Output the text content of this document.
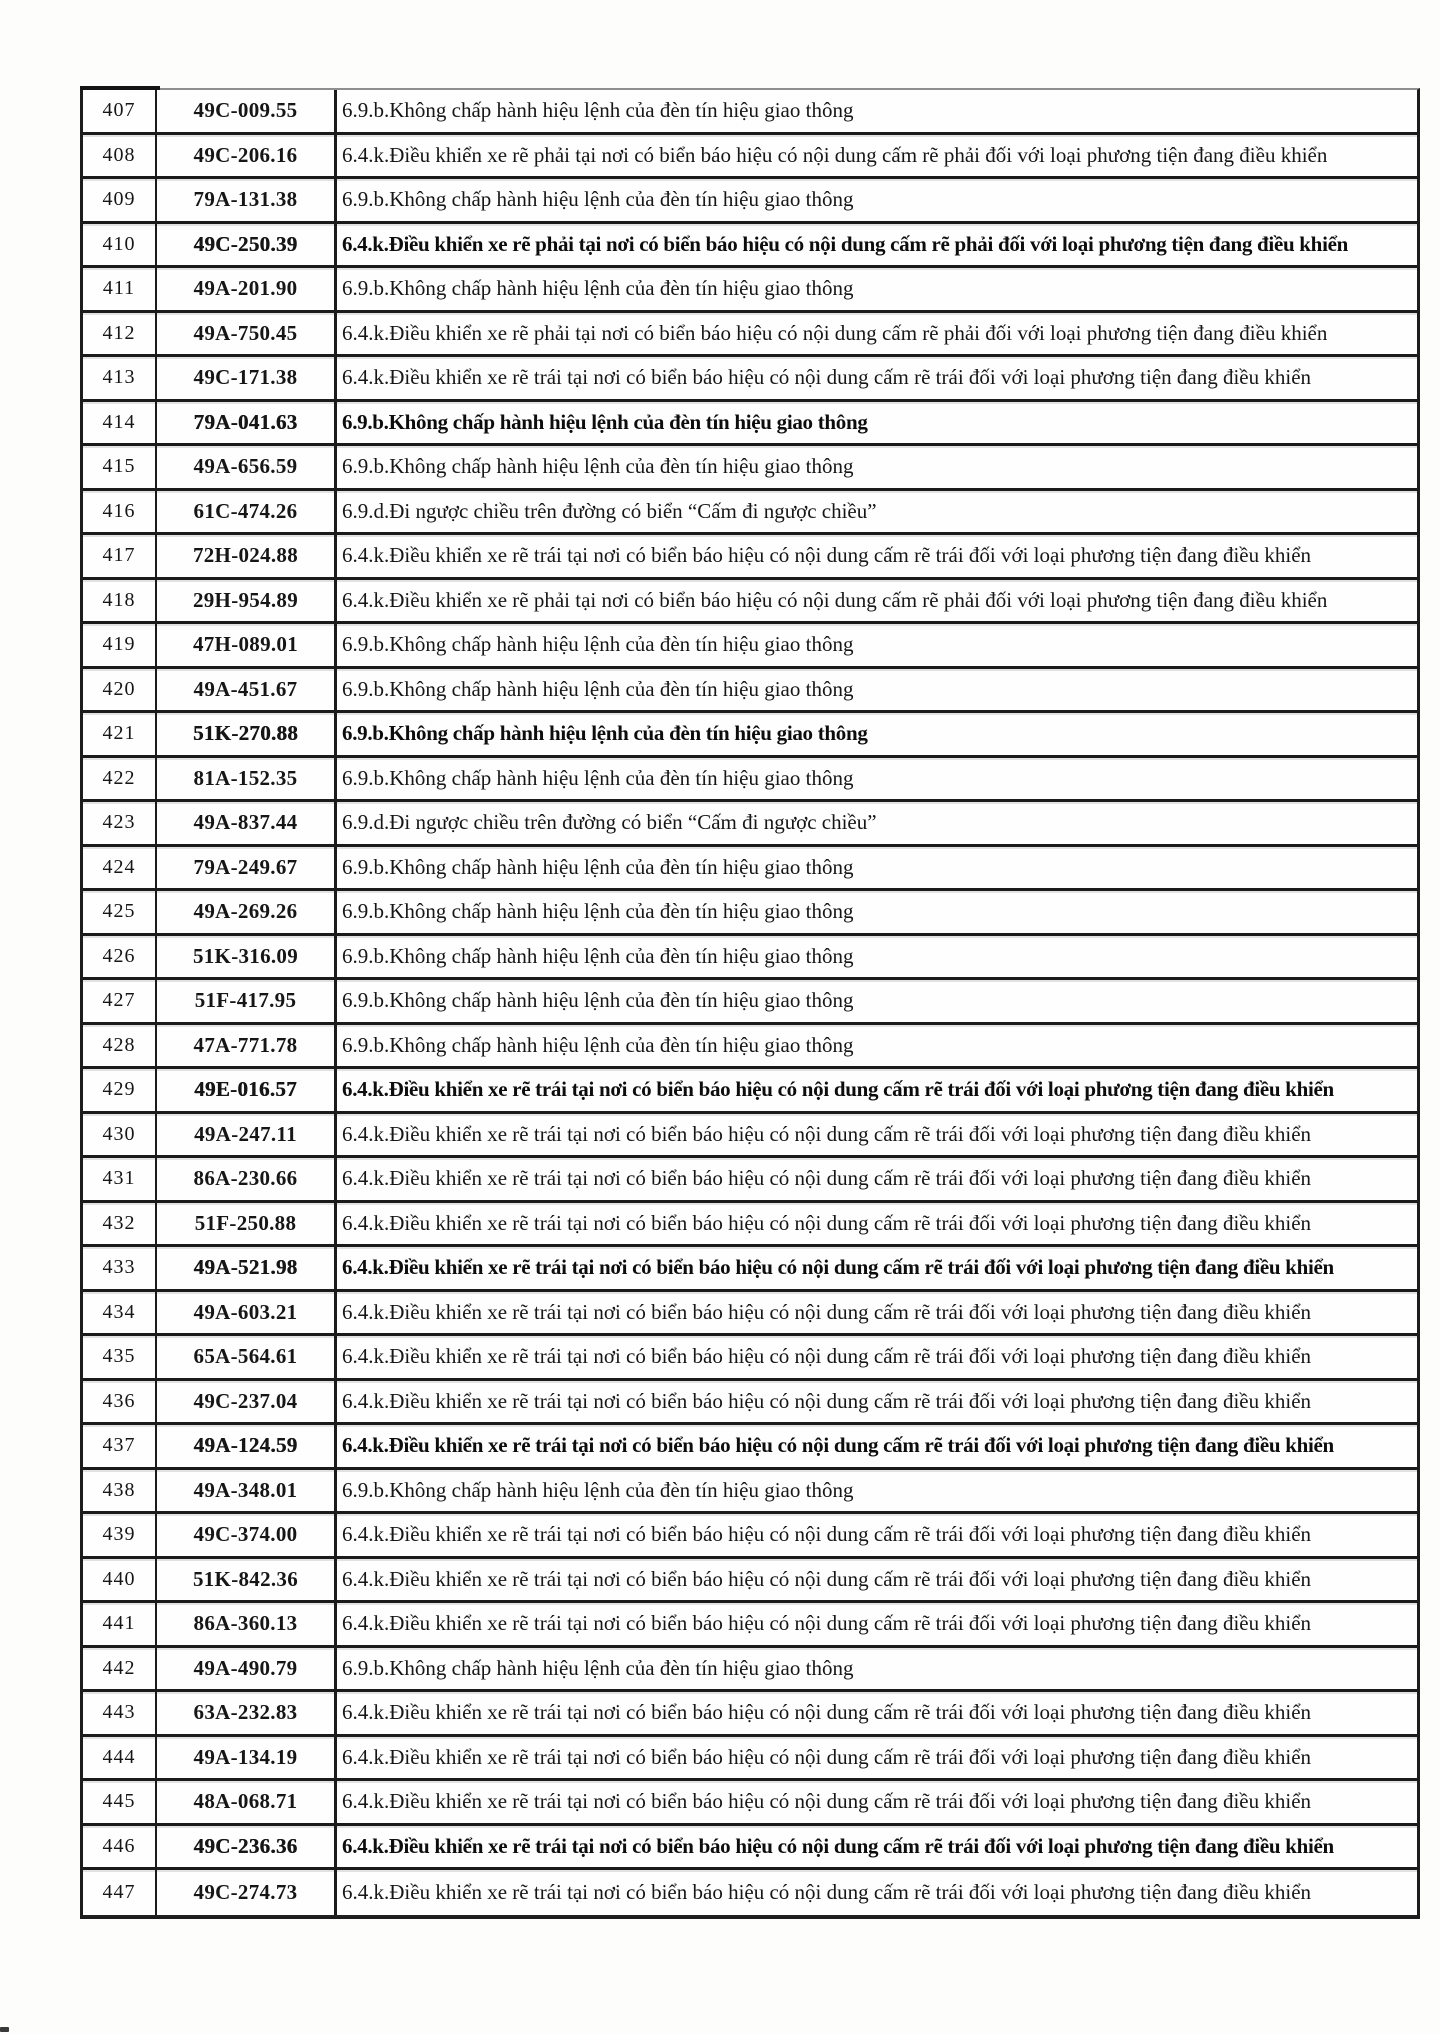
407	49C-009.55 6.9.b.Không chấp hành hiệu lệnh của đèn tín hiệu giao thông
408	49C-206.16 6.4.k.Điều khiển xe rẽ phải tại nơi có biển báo hiệu có nội dung cấm rẽ phải đối với loại phương tiện đang điều khiển
409	79A-131.38 6.9.b.Không chấp hành hiệu lệnh của đèn tín hiệu giao thông
410	49C-250.39 6.4.k.Điều khiển xe rẽ phải tại nơi có biển báo hiệu có nội dung cấm rẽ phải đối với loại phương tiện đang điều khiển
411	49A-201.90 6.9.b.Không chấp hành hiệu lệnh của đèn tín hiệu giao thông
412	49A-750.45 6.4.k.Điều khiển xe rẽ phải tại nơi có biển báo hiệu có nội dung cấm rẽ phải đối với loại phương tiện đang điều khiển
413	49C-171.38 6.4.k.Điều khiển xe rẽ trái tại nơi có biển báo hiệu có nội dung cấm rẽ trái đối với loại phương tiện đang điều khiển
414	79A-041.63 6.9.b.Không chấp hành hiệu lệnh của đèn tín hiệu giao thông
415	49A-656.59 6.9.b.Không chấp hành hiệu lệnh của đèn tín hiệu giao thông
416	61C-474.26 6.9.d.Đi ngược chiều trên đường có biển “Cấm đi ngược chiều”
417	72H-024.88 6.4.k.Điều khiển xe rẽ trái tại nơi có biển báo hiệu có nội dung cấm rẽ trái đối với loại phương tiện đang điều khiển
418	29H-954.89 6.4.k.Điều khiển xe rẽ phải tại nơi có biển báo hiệu có nội dung cấm rẽ phải đối với loại phương tiện đang điều khiển
419	47H-089.01 6.9.b.Không chấp hành hiệu lệnh của đèn tín hiệu giao thông
420	49A-451.67 6.9.b.Không chấp hành hiệu lệnh của đèn tín hiệu giao thông
421	51K-270.88 6.9.b.Không chấp hành hiệu lệnh của đèn tín hiệu giao thông
422	81A-152.35 6.9.b.Không chấp hành hiệu lệnh của đèn tín hiệu giao thông
423	49A-837.44 6.9.d.Đi ngược chiều trên đường có biển “Cấm đi ngược chiều”
424	79A-249.67 6.9.b.Không chấp hành hiệu lệnh của đèn tín hiệu giao thông
425	49A-269.26 6.9.b.Không chấp hành hiệu lệnh của đèn tín hiệu giao thông
426	51K-316.09 6.9.b.Không chấp hành hiệu lệnh của đèn tín hiệu giao thông
427	51F-417.95 6.9.b.Không chấp hành hiệu lệnh của đèn tín hiệu giao thông
428	47A-771.78 6.9.b.Không chấp hành hiệu lệnh của đèn tín hiệu giao thông
429	49E-016.57 6.4.k.Điều khiển xe rẽ trái tại nơi có biển báo hiệu có nội dung cấm rẽ trái đối với loại phương tiện đang điều khiển
430	49A-247.11 6.4.k.Điều khiển xe rẽ trái tại nơi có biển báo hiệu có nội dung cấm rẽ trái đối với loại phương tiện đang điều khiển
431	86A-230.66 6.4.k.Điều khiển xe rẽ trái tại nơi có biển báo hiệu có nội dung cấm rẽ trái đối với loại phương tiện đang điều khiển
432	51F-250.88 6.4.k.Điều khiển xe rẽ trái tại nơi có biển báo hiệu có nội dung cấm rẽ trái đối với loại phương tiện đang điều khiển
433	49A-521.98 6.4.k.Điều khiển xe rẽ trái tại nơi có biển báo hiệu có nội dung cấm rẽ trái đối với loại phương tiện đang điều khiển
434	49A-603.21 6.4.k.Điều khiển xe rẽ trái tại nơi có biển báo hiệu có nội dung cấm rẽ trái đối với loại phương tiện đang điều khiển
435	65A-564.61 6.4.k.Điều khiển xe rẽ trái tại nơi có biển báo hiệu có nội dung cấm rẽ trái đối với loại phương tiện đang điều khiển
436	49C-237.04 6.4.k.Điều khiển xe rẽ trái tại nơi có biển báo hiệu có nội dung cấm rẽ trái đối với loại phương tiện đang điều khiển
437	49A-124.59 6.4.k.Điều khiển xe rẽ trái tại nơi có biển báo hiệu có nội dung cấm rẽ trái đối với loại phương tiện đang điều khiển
438	49A-348.01 6.9.b.Không chấp hành hiệu lệnh của đèn tín hiệu giao thông
439	49C-374.00 6.4.k.Điều khiển xe rẽ trái tại nơi có biển báo hiệu có nội dung cấm rẽ trái đối với loại phương tiện đang điều khiển
440	51K-842.36 6.4.k.Điều khiển xe rẽ trái tại nơi có biển báo hiệu có nội dung cấm rẽ trái đối với loại phương tiện đang điều khiển
441	86A-360.13 6.4.k.Điều khiển xe rẽ trái tại nơi có biển báo hiệu có nội dung cấm rẽ trái đối với loại phương tiện đang điều khiển
442	49A-490.79 6.9.b.Không chấp hành hiệu lệnh của đèn tín hiệu giao thông
443	63A-232.83 6.4.k.Điều khiển xe rẽ trái tại nơi có biển báo hiệu có nội dung cấm rẽ trái đối với loại phương tiện đang điều khiển
444	49A-134.19 6.4.k.Điều khiển xe rẽ trái tại nơi có biển báo hiệu có nội dung cấm rẽ trái đối với loại phương tiện đang điều khiển
445	48A-068.71 6.4.k.Điều khiển xe rẽ trái tại nơi có biển báo hiệu có nội dung cấm rẽ trái đối với loại phương tiện đang điều khiển
446	49C-236.36 6.4.k.Điều khiển xe rẽ trái tại nơi có biển báo hiệu có nội dung cấm rẽ trái đối với loại phương tiện đang điều khiển
447	49C-274.73 6.4.k.Điều khiển xe rẽ trái tại nơi có biển báo hiệu có nội dung cấm rẽ trái đối với loại phương tiện đang điều khiển
